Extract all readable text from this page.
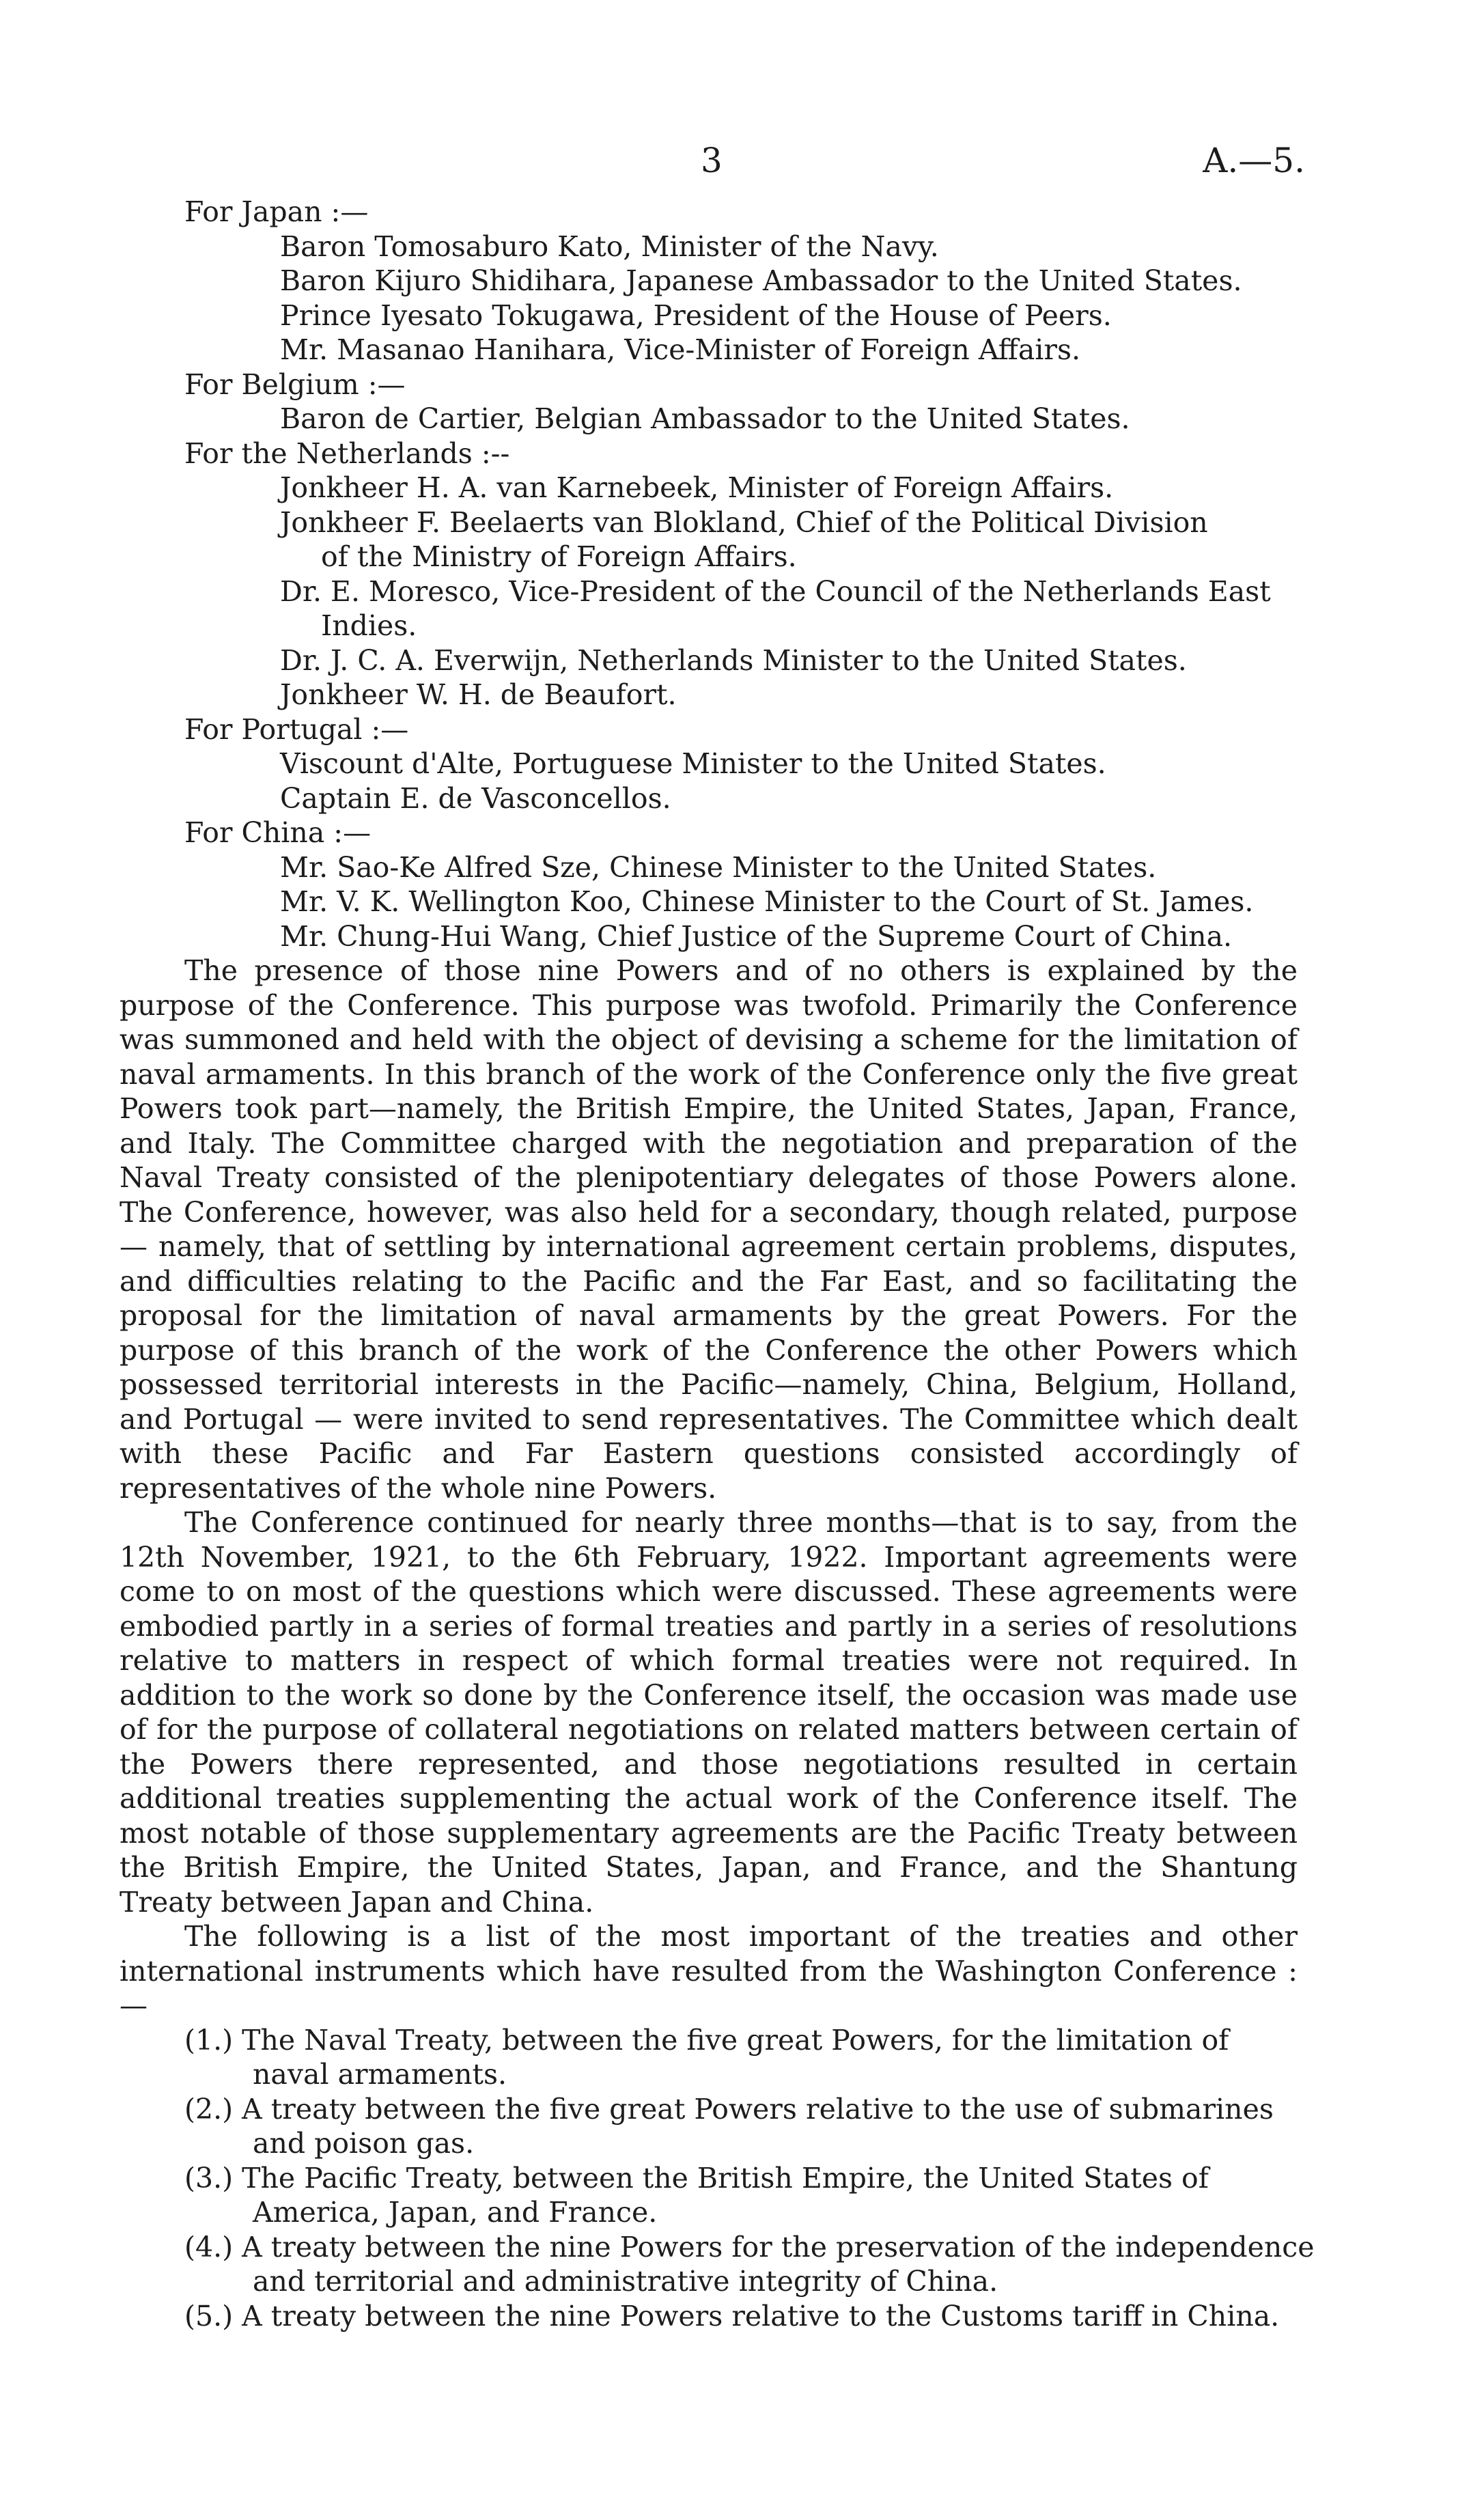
3	A.—5.
For Japan :—
Baron Tomosaburo Kato, Minister of the Navy.
Baron Kijuro Shidihara, Japanese Ambassador to the United States.
Prince Iyesato Tokugawa, President of the House of Peers.
Mr. Masanao Hanihara, Vice-Minister of Foreign Affairs.
For Belgium :—
Baron de Cartier, Belgian Ambassador to the United States.
For the Netherlands :--
Jonkheer H. A. van Karnebeek, Minister of Foreign Affairs.
Jonkheer F. Beelaerts van Blokland, Chief of the Political Division
of the Ministry of Foreign Affairs.
Dr. E. Moresco, Vice-President of the Council of the Netherlands East
Indies.
Dr. J. C. A. Everwijn, Netherlands Minister to the United States.
Jonkheer W. H. de Beaufort.
For Portugal :—
Viscount d'Alte, Portuguese Minister to the United States.
Captain E. de Vasconcellos.
For China :—
Mr. Sao-Ke Alfred Sze, Chinese Minister to the United States.
Mr. V. K. Wellington Koo, Chinese Minister to the Court of St. James.
Mr. Chung-Hui Wang, Chief Justice of the Supreme Court of China.

The presence of those nine Powers and of no others is explained by the purpose of the Conference. This purpose was twofold. Primarily the Conference was summoned and held with the object of devising a scheme for the limitation of naval armaments. In this branch of the work of the Conference only the five great Powers took part—namely, the British Empire, the United States, Japan, France, and Italy. The Committee charged with the negotiation and preparation of the Naval Treaty consisted of the plenipotentiary delegates of those Powers alone. The Conference, however, was also held for a secondary, though related, purpose — namely, that of settling by international agreement certain problems, disputes, and difficulties relating to the Pacific and the Far East, and so facilitating the proposal for the limitation of naval armaments by the great Powers. For the purpose of this branch of the work of the Conference the other Powers which possessed territorial interests in the Pacific—namely, China, Belgium, Holland, and Portugal — were invited to send representatives. The Committee which dealt with these Pacific and Far Eastern questions consisted accordingly of representatives of the whole nine Powers.

The Conference continued for nearly three months—that is to say, from the 12th November, 1921, to the 6th February, 1922. Important agreements were come to on most of the questions which were discussed. These agreements were embodied partly in a series of formal treaties and partly in a series of resolutions relative to matters in respect of which formal treaties were not required. In addition to the work so done by the Conference itself, the occasion was made use of for the purpose of collateral negotiations on related matters between certain of the Powers there represented, and those negotiations resulted in certain additional treaties supplementing the actual work of the Conference itself. The most notable of those supplementary agreements are the Pacific Treaty between the British Empire, the United States, Japan, and France, and the Shantung Treaty between Japan and China.

The following is a list of the most important of the treaties and other international instruments which have resulted from the Washington Conference :—

(1.) The Naval Treaty, between the five great Powers, for the limitation of
naval armaments.
(2.) A treaty between the five great Powers relative to the use of submarines
and poison gas.
(3.) The Pacific Treaty, between the British Empire, the United States of
America, Japan, and France.
(4.) A treaty between the nine Powers for the preservation of the independence
and territorial and administrative integrity of China.
(5.) A treaty between the nine Powers relative to the Customs tariff in China.
